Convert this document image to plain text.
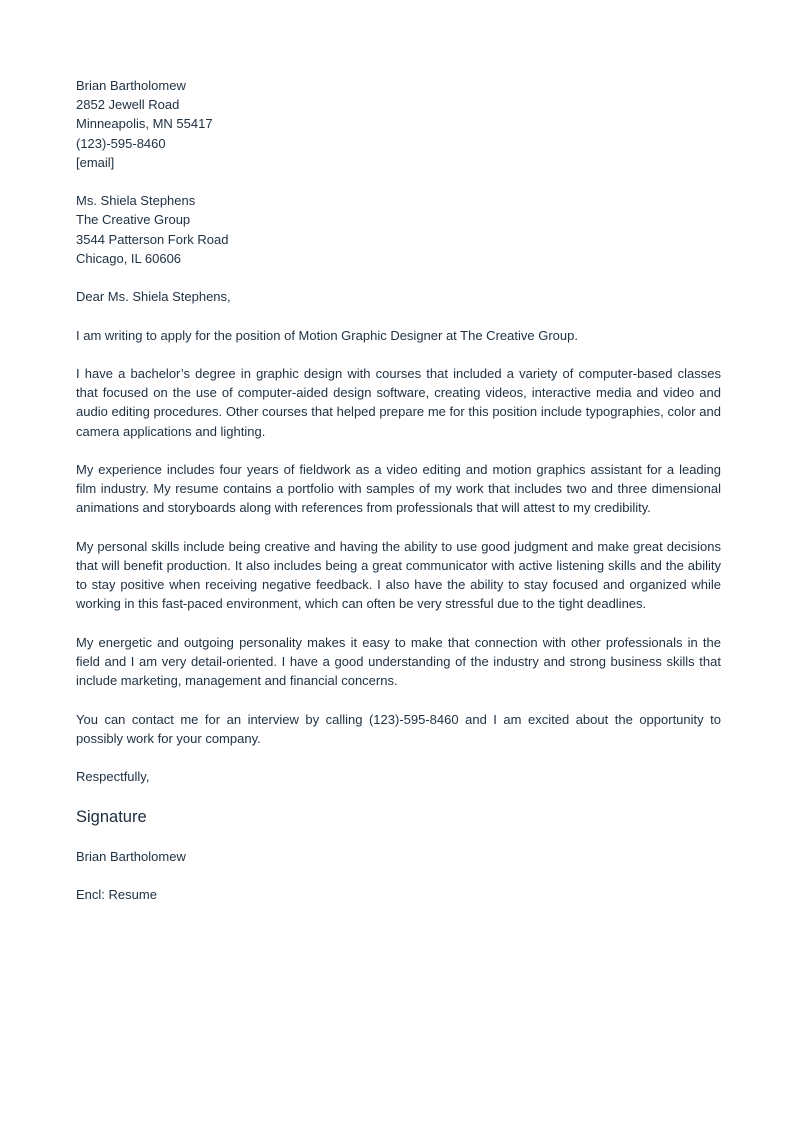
Brian Bartholomew
2852 Jewell Road
Minneapolis, MN 55417
(123)-595-8460
[email]
Ms. Shiela Stephens
The Creative Group
3544 Patterson Fork Road
Chicago, IL 60606
Dear Ms. Shiela Stephens,

I am writing to apply for the position of Motion Graphic Designer at The Creative Group.

I have a bachelor’s degree in graphic design with courses that included a variety of computer-based classes that focused on the use of computer-aided design software, creating videos, interactive media and video and audio editing procedures. Other courses that helped prepare me for this position include typographies, color and camera applications and lighting.

My experience includes four years of fieldwork as a video editing and motion graphics assistant for a leading film industry. My resume contains a portfolio with samples of my work that includes two and three dimensional animations and storyboards along with references from professionals that will attest to my credibility.

My personal skills include being creative and having the ability to use good judgment and make great decisions that will benefit production. It also includes being a great communicator with active listening skills and the ability to stay positive when receiving negative feedback. I also have the ability to stay focused and organized while working in this fast-paced environment, which can often be very stressful due to the tight deadlines.

My energetic and outgoing personality makes it easy to make that connection with other professionals in the field and I am very detail-oriented. I have a good understanding of the industry and strong business skills that include marketing, management and financial concerns.

You can contact me for an interview by calling (123)-595-8460 and I am excited about the opportunity to possibly work for your company.

Respectfully,
Signature
Brian Bartholomew
Encl: Resume
